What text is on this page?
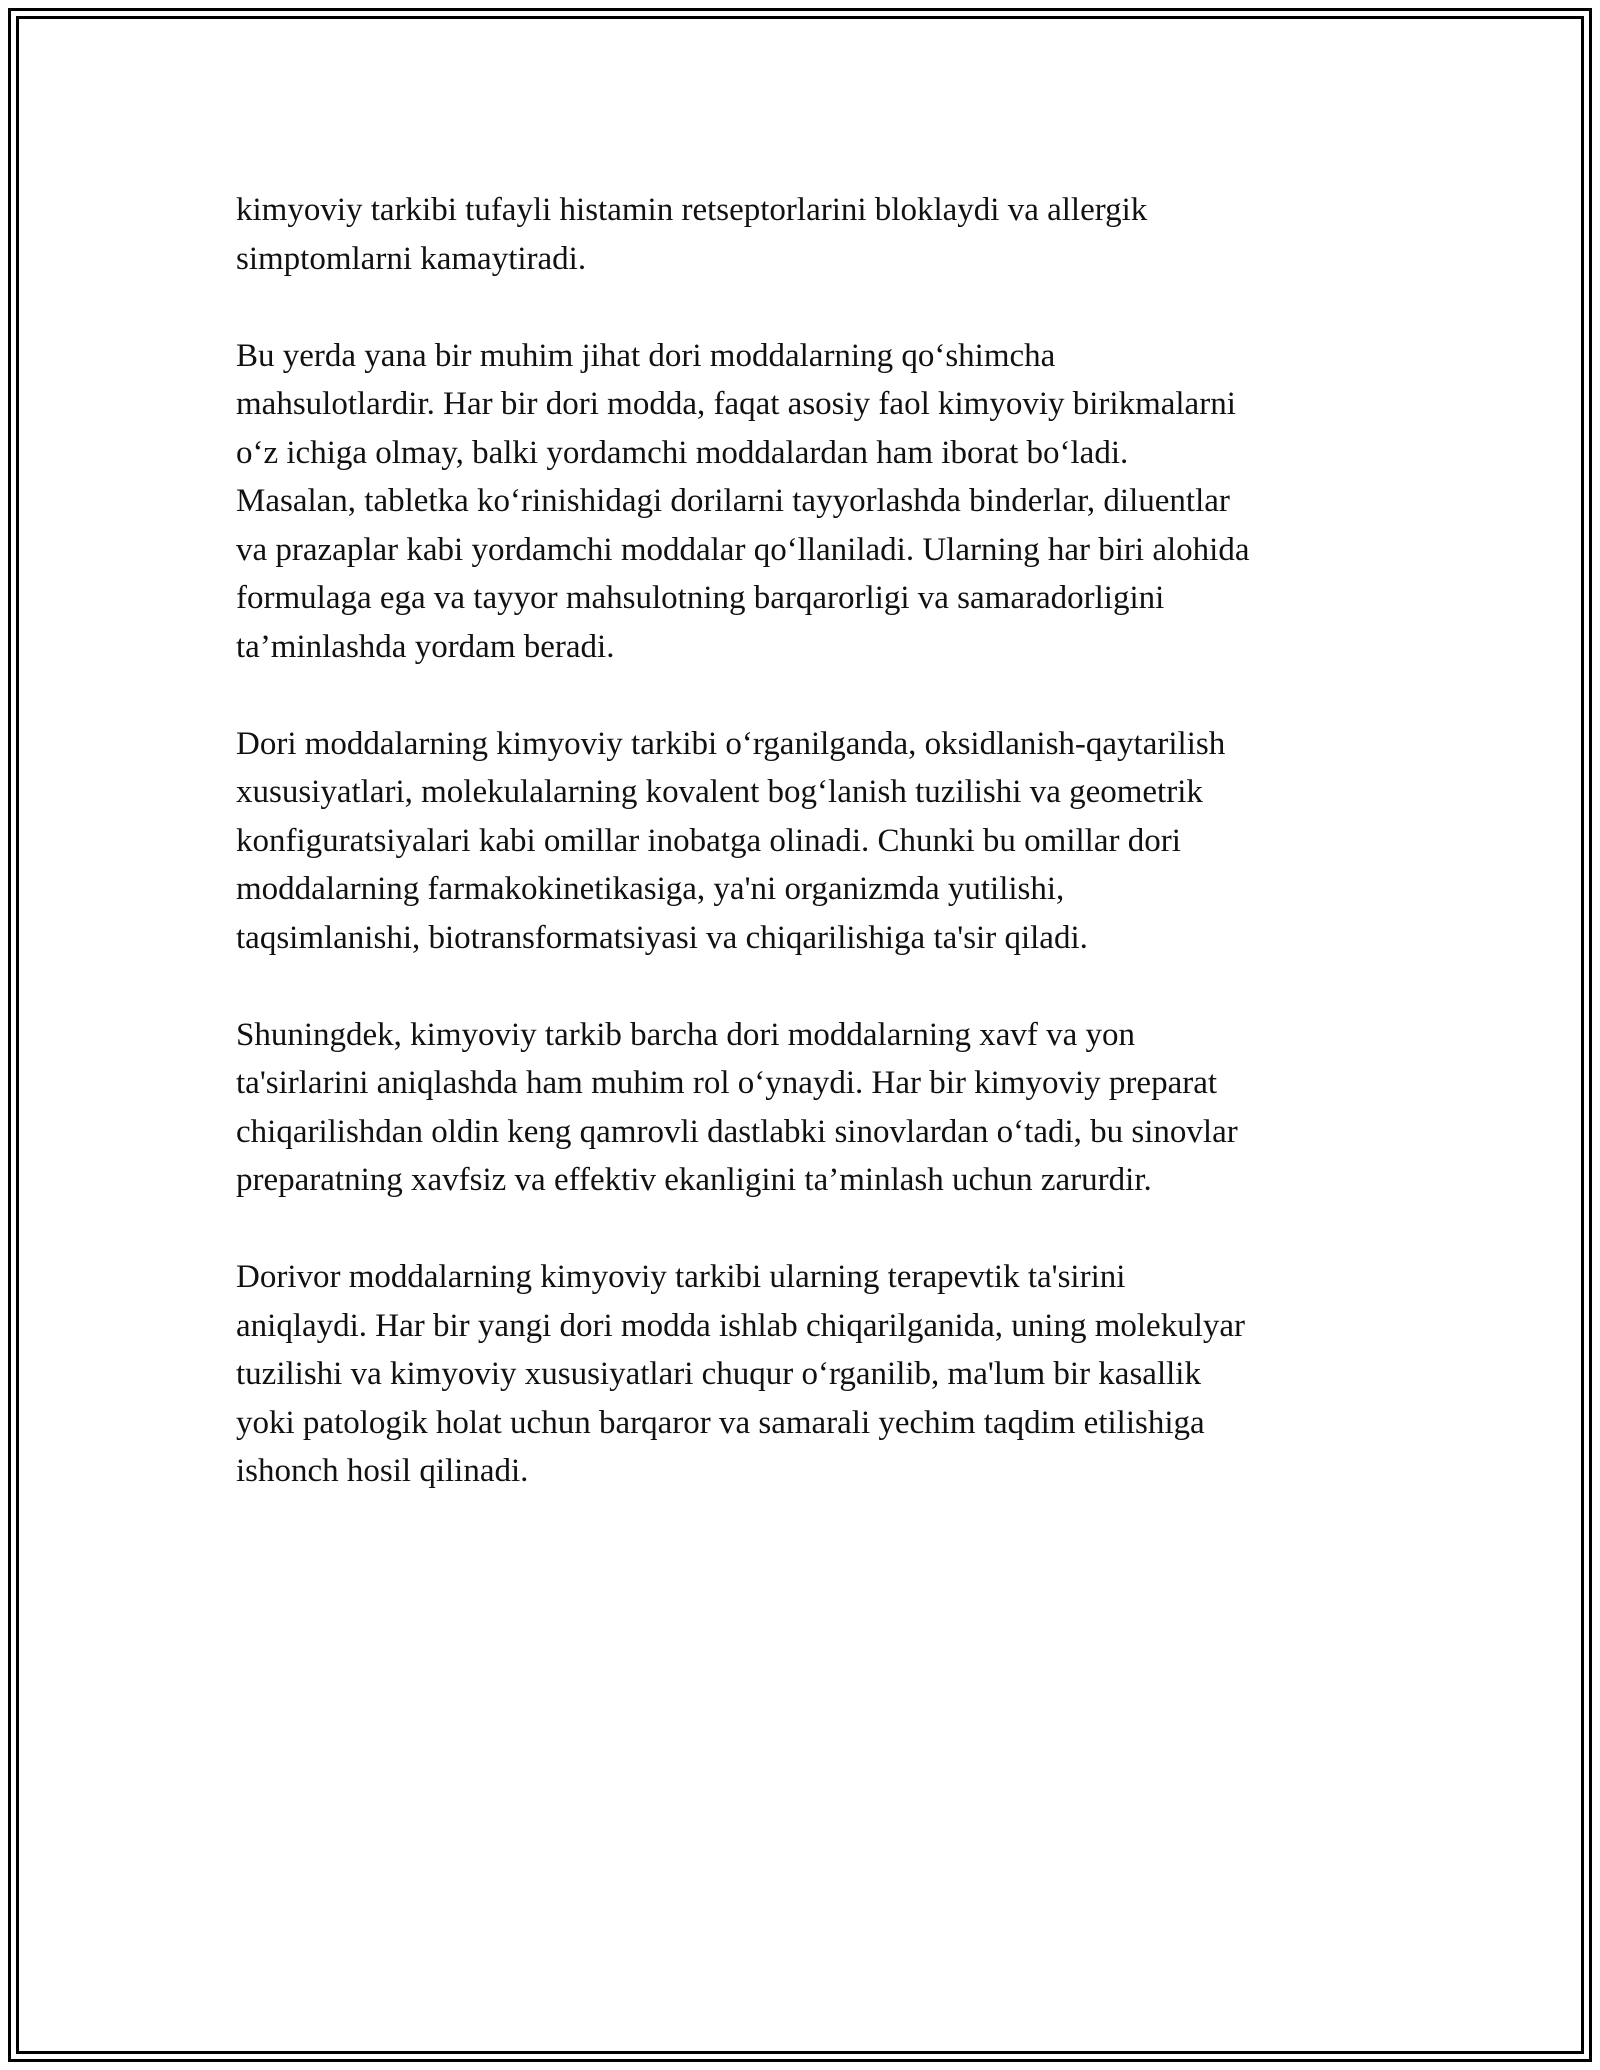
kimyoviy tarkibi tufayli histamin retseptorlarini bloklaydi va allergik
simptomlarni kamaytiradi.

Bu yerda yana bir muhim jihat dori moddalarning qo‘shimcha
mahsulotlardir. Har bir dori modda, faqat asosiy faol kimyoviy birikmalarni
o‘z ichiga olmay, balki yordamchi moddalardan ham iborat bo‘ladi.
Masalan, tabletka ko‘rinishidagi dorilarni tayyorlashda binderlar, diluentlar
va prazaplar kabi yordamchi moddalar qo‘llaniladi. Ularning har biri alohida
formulaga ega va tayyor mahsulotning barqarorligi va samaradorligini
ta’minlashda yordam beradi.

Dori moddalarning kimyoviy tarkibi o‘rganilganda, oksidlanish-qaytarilish
xususiyatlari, molekulalarning kovalent bog‘lanish tuzilishi va geometrik
konfiguratsiyalari kabi omillar inobatga olinadi. Chunki bu omillar dori
moddalarning farmakokinetikasiga, ya'ni organizmda yutilishi,
taqsimlanishi, biotransformatsiyasi va chiqarilishiga ta'sir qiladi.

Shuningdek, kimyoviy tarkib barcha dori moddalarning xavf va yon
ta'sirlarini aniqlashda ham muhim rol o‘ynaydi. Har bir kimyoviy preparat
chiqarilishdan oldin keng qamrovli dastlabki sinovlardan o‘tadi, bu sinovlar
preparatning xavfsiz va effektiv ekanligini ta’minlash uchun zarurdir.

Dorivor moddalarning kimyoviy tarkibi ularning terapevtik ta'sirini
aniqlaydi. Har bir yangi dori modda ishlab chiqarilganida, uning molekulyar
tuzilishi va kimyoviy xususiyatlari chuqur o‘rganilib, ma'lum bir kasallik
yoki patologik holat uchun barqaror va samarali yechim taqdim etilishiga
ishonch hosil qilinadi.
